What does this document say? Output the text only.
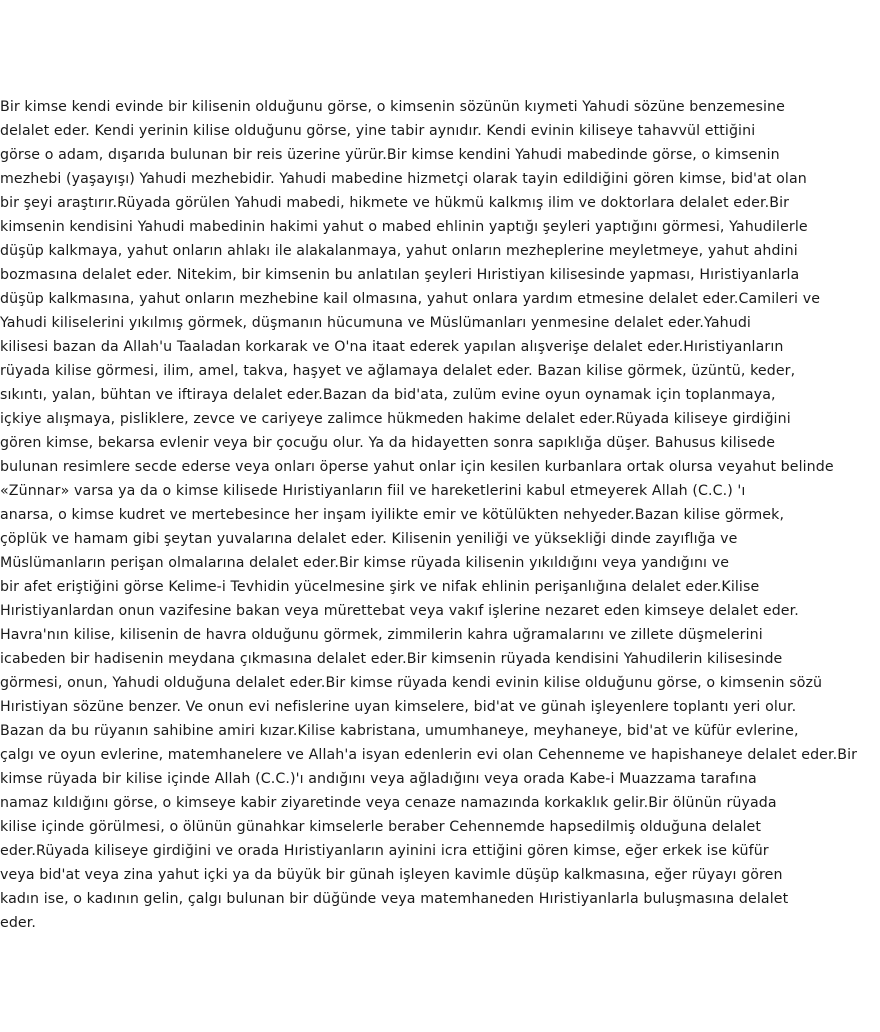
Bir kimse kendi evinde bir kilisenin olduğunu görse, o kimsenin sözünün kıymeti Yahudi sözüne benzemesine
delalet eder. Kendi yerinin kilise olduğunu görse, yine tabir aynıdır. Kendi evinin kiliseye tahavvül ettiğini
görse o adam, dışarıda bulunan bir reis üzerine yürür.Bir kimse kendini Yahudi mabedinde görse, o kimsenin
mezhebi (yaşayışı) Yahudi mezhebidir. Yahudi mabedine hizmetçi olarak tayin edildiğini gören kimse, bid'at olan
bir şeyi araştırır.Rüyada görülen Yahudi mabedi, hikmete ve hükmü kalkmış ilim ve doktorlara delalet eder.Bir
kimsenin kendisini Yahudi mabedinin hakimi yahut o mabed ehlinin yaptığı şeyleri yaptığını görmesi, Yahudilerle
düşüp kalkmaya, yahut onların ahlakı ile alakalanmaya, yahut onların mezheplerine meyletmeye, yahut ahdini
bozmasına delalet eder. Nitekim, bir kimsenin bu anlatılan şeyleri Hıristiyan kilisesinde yapması, Hıristiyanlarla
düşüp kalkmasına, yahut onların mezhebine kail olmasına, yahut onlara yardım etmesine delalet eder.Camileri ve
Yahudi kiliselerini yıkılmış görmek, düşmanın hücumuna ve Müslümanları yenmesine delalet eder.Yahudi
kilisesi bazan da Allah'u Taaladan korkarak ve O'na itaat ederek yapılan alışverişe delalet eder.Hıristiyanların
rüyada kilise görmesi, ilim, amel, takva, haşyet ve ağlamaya delalet eder. Bazan kilise görmek, üzüntü, keder,
sıkıntı, yalan, bühtan ve iftiraya delalet eder.Bazan da bid'ata, zulüm evine oyun oynamak için toplanmaya,
içkiye alışmaya, pisliklere, zevce ve cariyeye zalimce hükmeden hakime delalet eder.Rüyada kiliseye girdiğini
gören kimse, bekarsa evlenir veya bir çocuğu olur. Ya da hidayetten sonra sapıklığa düşer. Bahusus kilisede
bulunan resimlere secde ederse veya onları öperse yahut onlar için kesilen kurbanlara ortak olursa veyahut belinde
«Zünnar» varsa ya da o kimse kilisede Hıristiyanların fiil ve hareketlerini kabul etmeyerek Allah (C.C.) 'ı
anarsa, o kimse kudret ve mertebesince her inşam iyilikte emir ve kötülükten nehyeder.Bazan kilise görmek,
çöplük ve hamam gibi şeytan yuvalarına delalet eder. Kilisenin yeniliği ve yüksekliği dinde zayıflığa ve
Müslümanların perişan olmalarına delalet eder.Bir kimse rüyada kilisenin yıkıldığını veya yandığını ve
bir afet eriştiğini görse Kelime-i Tevhidin yücelmesine şirk ve nifak ehlinin perişanlığına delalet eder.Kilise
Hıristiyanlardan onun vazifesine bakan veya mürettebat veya vakıf işlerine nezaret eden kimseye delalet eder.
Havra'nın kilise, kilisenin de havra olduğunu görmek, zimmilerin kahra uğramalarını ve zillete düşmelerini
icabeden bir hadisenin meydana çıkmasına delalet eder.Bir kimsenin rüyada kendisini Yahudilerin kilisesinde
görmesi, onun, Yahudi olduğuna delalet eder.Bir kimse rüyada kendi evinin kilise olduğunu görse, o kimsenin sözü
Hıristiyan sözüne benzer. Ve onun evi nefislerine uyan kimselere, bid'at ve günah işleyenlere toplantı yeri olur.
Bazan da bu rüyanın sahibine amiri kızar.Kilise kabristana, umumhaneye, meyhaneye, bid'at ve küfür evlerine,
çalgı ve oyun evlerine, matemhanelere ve Allah'a isyan edenlerin evi olan Cehenneme ve hapishaneye delalet eder.Bir
kimse rüyada bir kilise içinde Allah (C.C.)'ı andığını veya ağladığını veya orada Kabe-i Muazzama tarafına
namaz kıldığını görse, o kimseye kabir ziyaretinde veya cenaze namazında korkaklık gelir.Bir ölünün rüyada
kilise içinde görülmesi, o ölünün günahkar kimselerle beraber Cehennemde hapsedilmiş olduğuna delalet
eder.Rüyada kiliseye girdiğini ve orada Hıristiyanların ayinini icra ettiğini gören kimse, eğer erkek ise küfür
veya bid'at veya zina yahut içki ya da büyük bir günah işleyen kavimle düşüp kalkmasına, eğer rüyayı gören
kadın ise, o kadının gelin, çalgı bulunan bir düğünde veya matemhaneden Hıristiyanlarla buluşmasına delalet
eder.
